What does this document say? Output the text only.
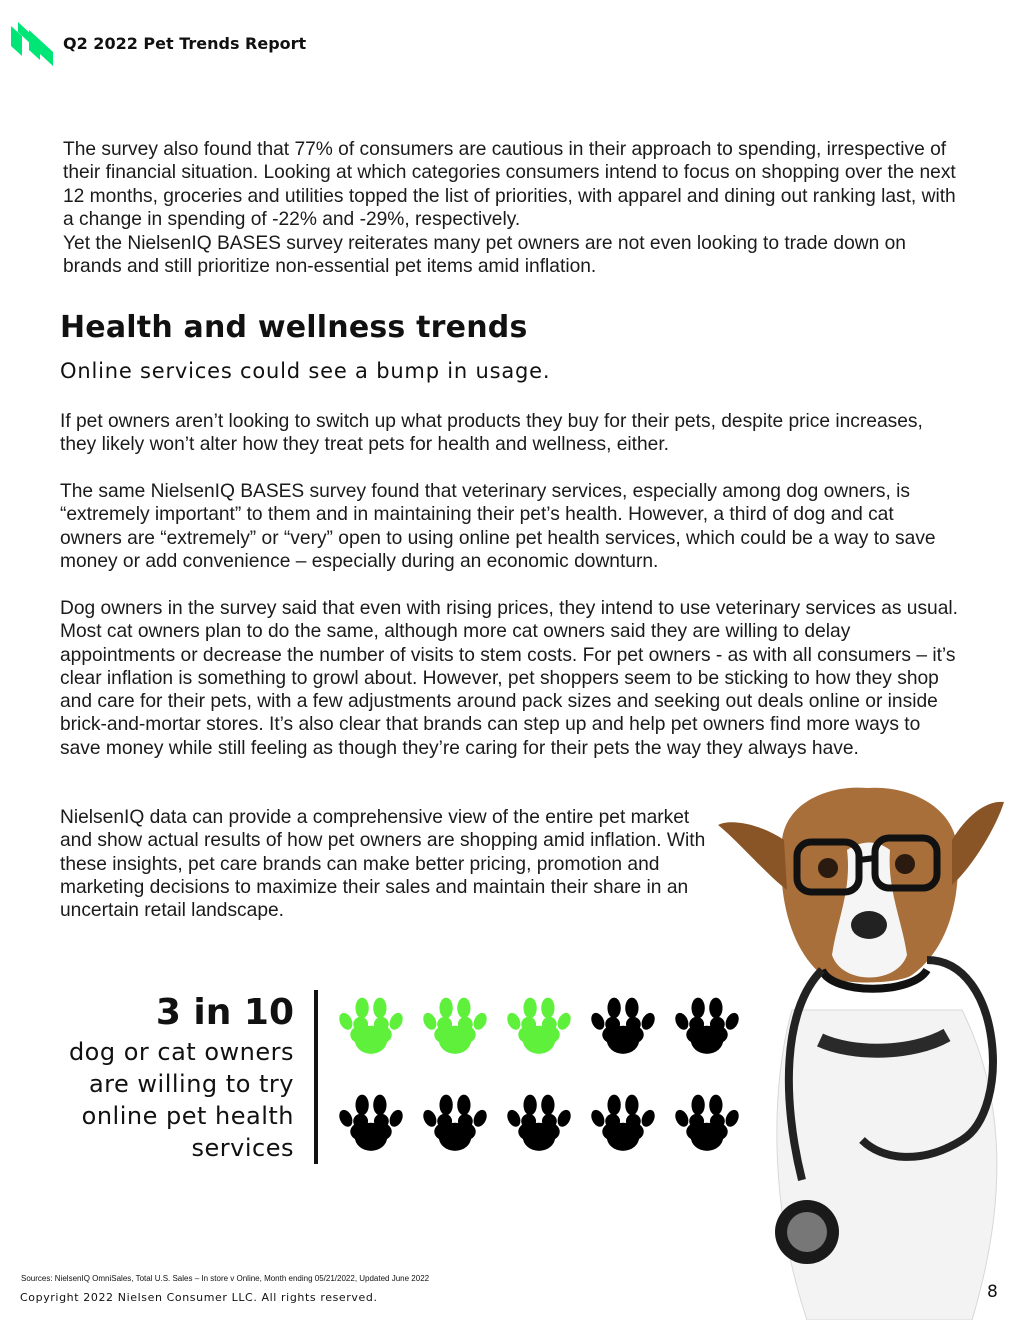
Q2 2022 Pet Trends Report

The survey also found that 77% of consumers are cautious in their approach to spending, irrespective of their financial situation. Looking at which categories consumers intend to focus on shopping over the next 12 months, groceries and utilities topped the list of priorities, with apparel and dining out ranking last, with a change in spending of -22% and -29%, respectively.

Yet the NielsenIQ BASES survey reiterates many pet owners are not even looking to trade down on brands and still prioritize non-essential pet items amid inflation.

Health and wellness trends
Online services could see a bump in usage.

If pet owners aren’t looking to switch up what products they buy for their pets, despite price increases, they likely won’t alter how they treat pets for health and wellness, either.

The same NielsenIQ BASES survey found that veterinary services, especially among dog owners, is “extremely important” to them and in maintaining their pet’s health. However, a third of dog and cat owners are “extremely” or “very” open to using online pet health services, which could be a way to save money or add convenience – especially during an economic downturn.

Dog owners in the survey said that even with rising prices, they intend to use veterinary services as usual. Most cat owners plan to do the same, although more cat owners said they are willing to delay appointments or decrease the number of visits to stem costs. For pet owners - as with all consumers – it’s clear inflation is something to growl about. However, pet shoppers seem to be sticking to how they shop and care for their pets, with a few adjustments around pack sizes and seeking out deals online or inside brick-and-mortar stores. It’s also clear that brands can step up and help pet owners find more ways to save money while still feeling as though they’re caring for their pets the way they always have.

NielsenIQ data can provide a comprehensive view of the entire pet market and show actual results of how pet owners are shopping amid inflation. With these insights, pet care brands can make better pricing, promotion and marketing decisions to maximize their sales and maintain their share in an uncertain retail landscape.

3 in 10
dog or cat owners
are willing to try
online pet health
services
Sources: NielsenIQ OmniSales, Total U.S. Sales – In store v Online, Month ending 05/21/2022, Updated June 2022
Copyright 2022 Nielsen Consumer LLC. All rights reserved.	8
